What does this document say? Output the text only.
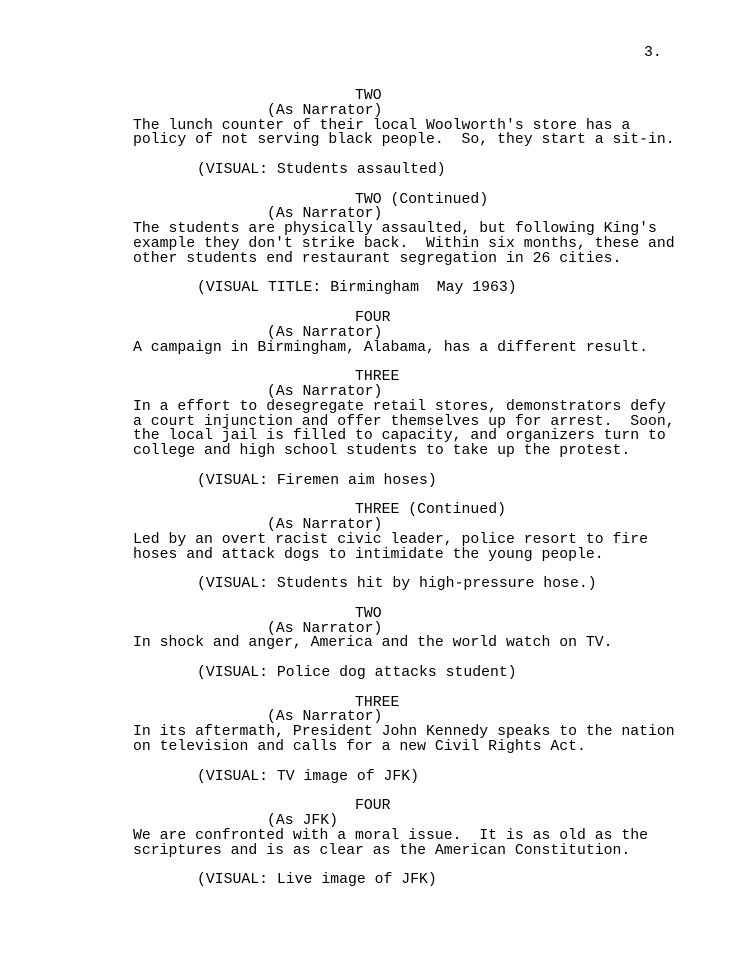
3.
TWO
(As Narrator)
The lunch counter of their local Woolworth's store has a
policy of not serving black people.  So, they start a sit-in.
(VISUAL: Students assaulted)
TWO (Continued)
(As Narrator)
The students are physically assaulted, but following King's
example they don't strike back.  Within six months, these and
other students end restaurant segregation in 26 cities.
(VISUAL TITLE: Birmingham  May 1963)
FOUR
(As Narrator)
A campaign in Birmingham, Alabama, has a different result.
THREE
(As Narrator)
In a effort to desegregate retail stores, demonstrators defy
a court injunction and offer themselves up for arrest.  Soon,
the local jail is filled to capacity, and organizers turn to
college and high school students to take up the protest.
(VISUAL: Firemen aim hoses)
THREE (Continued)
(As Narrator)
Led by an overt racist civic leader, police resort to fire
hoses and attack dogs to intimidate the young people.
(VISUAL: Students hit by high-pressure hose.)
TWO
(As Narrator)
In shock and anger, America and the world watch on TV.
(VISUAL: Police dog attacks student)
THREE
(As Narrator)
In its aftermath, President John Kennedy speaks to the nation
on television and calls for a new Civil Rights Act.
(VISUAL: TV image of JFK)
FOUR
(As JFK)
We are confronted with a moral issue.  It is as old as the
scriptures and is as clear as the American Constitution.
(VISUAL: Live image of JFK)
